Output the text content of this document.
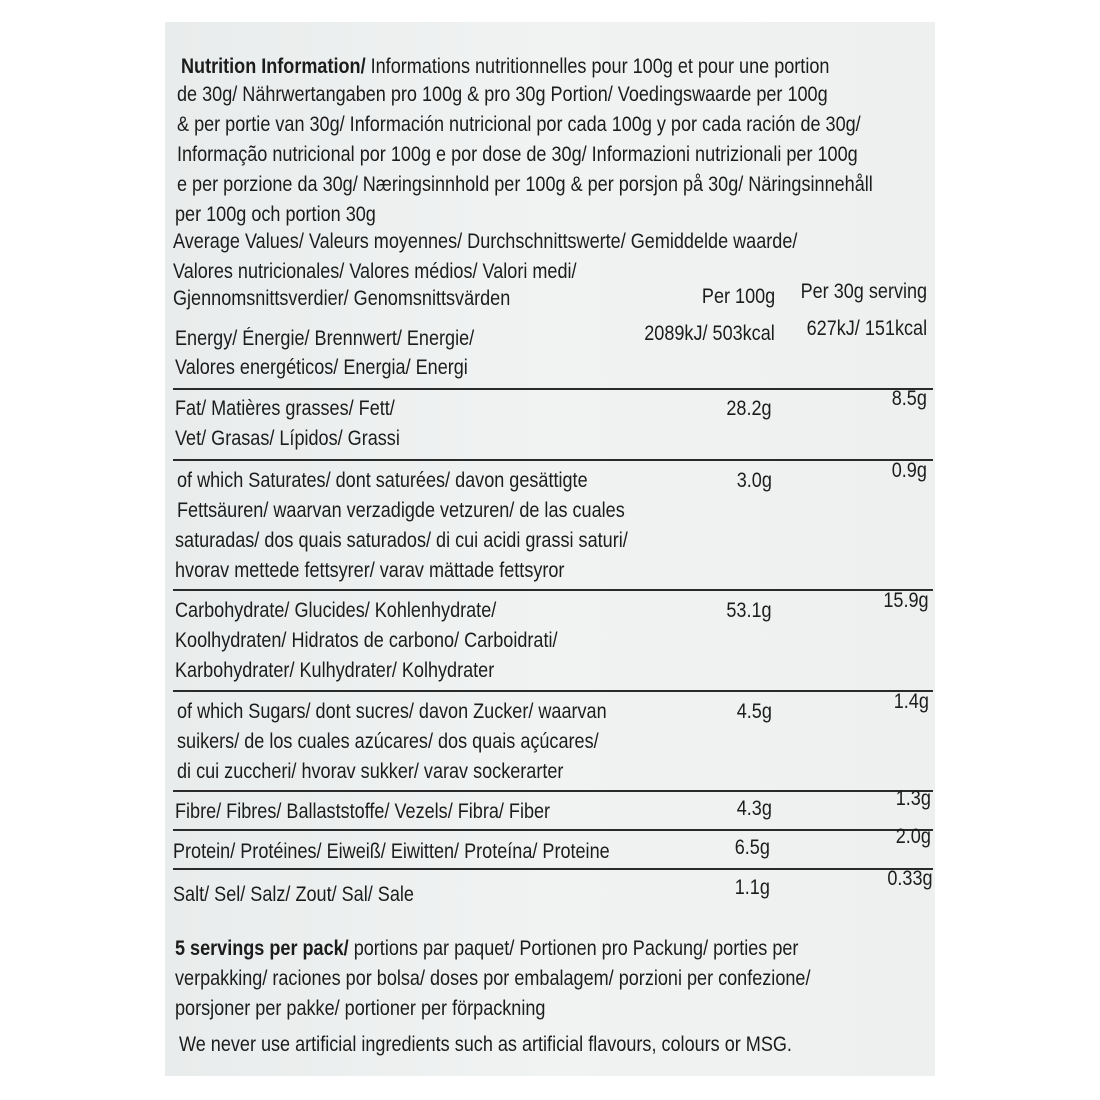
Nutrition Information/ Informations nutritionnelles pour 100g et pour une portion

de 30g/ Nährwertangaben pro 100g & pro 30g Portion/ Voedingswaarde per 100g

& per portie van 30g/ Información nutricional por cada 100g y por cada ración de 30g/

Informação nutricional por 100g e por dose de 30g/ Informazioni nutrizionali per 100g

e per porzione da 30g/ Næringsinnhold per 100g & per porsjon på 30g/ Näringsinnehåll

per 100g och portion 30g

Average Values/ Valeurs moyennes/ Durchschnittswerte/ Gemiddelde waarde/

Valores nutricionales/ Valores médios/ Valori medi/

Gjennomsnittsverdier/ Genomsnittsvärden	Per 100g Per 30g serving

Energy/ Énergie/ Brennwert/ Energie/

Valores energéticos/ Energia/ Energi

2089kJ/ 503kcal 627kJ/ 151kcal

Fat/ Matières grasses/ Fett/

Vet/ Grasas/ Lípidos/ Grassi

28.2g	8.5g

of which Saturates/ dont saturées/ davon gesättigte

Fettsäuren/ waarvan verzadigde vetzuren/ de las cuales

saturadas/ dos quais saturados/ di cui acidi grassi saturi/

hvorav mettede fettsyrer/ varav mättade fettsyror

3.0g	0.9g

Carbohydrate/ Glucides/ Kohlenhydrate/

Koolhydraten/ Hidratos de carbono/ Carboidrati/

Karbohydrater/ Kulhydrater/ Kolhydrater

53.1g	15.9g

of which Sugars/ dont sucres/ davon Zucker/ waarvan

suikers/ de los cuales azúcares/ dos quais açúcares/

di cui zuccheri/ hvorav sukker/ varav sockerarter

4.5g	1.4g

Fibre/ Fibres/ Ballaststoffe/ Vezels/ Fibra/ Fiber	4.3g	1.3g

Protein/ Protéines/ Eiweiß/ Eiwitten/ Proteína/ Proteine	6.5g	2.0g

Salt/ Sel/ Salz/ Zout/ Sal/ Sale	1.1g	0.33g

5 servings per pack/ portions par paquet/ Portionen pro Packung/ porties per

verpakking/ raciones por bolsa/ doses por embalagem/ porzioni per confezione/

porsjoner per pakke/ portioner per förpackning

We never use artificial ingredients such as artificial flavours, colours or MSG.
